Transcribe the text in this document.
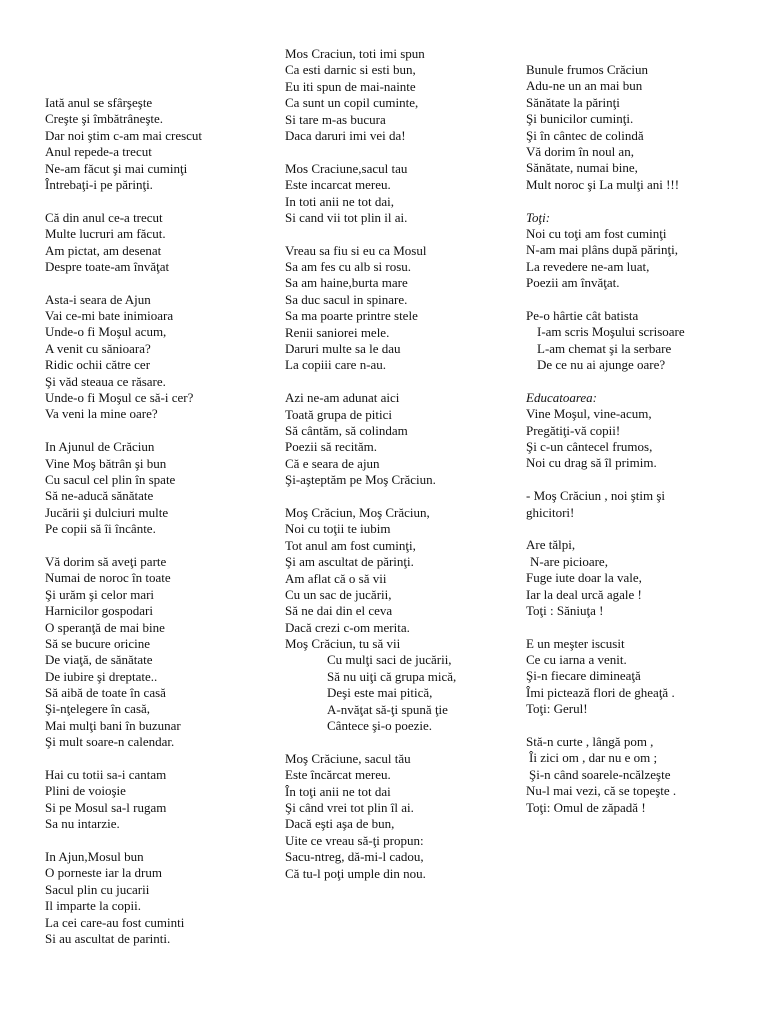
Iată anul se sfârşeşte
Creşte şi îmbătrâneşte.
Dar noi ştim c-am mai crescut
Anul repede-a trecut
Ne-am făcut şi mai cuminţi
Întrebaţi-i pe părinţi.
Că din anul ce-a trecut
Multe lucruri am făcut.
Am pictat, am desenat
Despre toate-am învăţat
Asta-i seara de Ajun
Vai ce-mi bate inimioara
Unde-o fi Moşul acum,
A venit cu sănioara?
Ridic ochii către cer
Şi văd steaua ce răsare.
Unde-o fi Moşul ce să-i cer?
Va veni la mine oare?
In Ajunul de Crăciun
Vine Moş bătrân şi bun
Cu sacul cel plin în spate
Să ne-aducă sănătate
Jucării şi dulciuri multe
Pe copii să îi încânte.
Vă dorim să aveţi parte
Numai de noroc în toate
Şi urăm şi celor mari
Harnicilor gospodari
O speranţă de mai bine
Să se bucure oricine
De viaţă, de sănătate
De iubire şi dreptate..
Să aibă de toate în casă
Şi-nţelegere în casă,
Mai mulţi bani în buzunar
Şi mult soare-n calendar.
Hai cu totii sa-i cantam
Plini de voioşie
Si pe Mosul sa-l rugam
Sa nu intarzie.
In Ajun,Mosul bun
O porneste iar la drum
Sacul plin cu jucarii
Il imparte la copii.
La cei care-au fost cuminti
Si au ascultat de parinti.
Mos Craciun, toti imi spun
Ca esti darnic si esti bun,
Eu iti spun de mai-nainte
Ca sunt un copil cuminte,
Si tare m-as bucura
Daca daruri imi vei da!
Mos Craciune,sacul tau
Este incarcat mereu.
In toti anii ne tot dai,
Si cand vii tot plin il ai.
Vreau sa fiu si eu ca Mosul
Sa am fes cu alb si rosu.
Sa am haine,burta mare
Sa duc sacul in spinare.
Sa ma poarte printre stele
Renii saniorei mele.
Daruri multe sa le dau
La copiii care n-au.
Azi ne-am adunat aici
Toată grupa de pitici
Să cântăm, să colindam
Poezii să recităm.
Că e seara de ajun
Şi-aşteptăm pe Moş Crăciun.
Moş Crăciun, Moş Crăciun,
Noi cu toţii te iubim
Tot anul am fost cuminţi,
Şi am ascultat de părinţi.
Am aflat că o să vii
Cu un sac de jucării,
Să ne dai din el ceva
Dacă crezi c-om merita.
Moş Crăciun, tu să vii
Cu mulţi saci de jucării,
Să nu uiţi că grupa mică,
Deşi este mai pitică,
A-nvăţat să-ţi spună ţie
Cântece şi-o poezie.
Moş Crăciune, sacul tău
Este încărcat mereu.
În toţi anii ne tot dai
Şi când vrei tot plin îl ai.
Dacă eşti aşa de bun,
Uite ce vreau să-ţi propun:
Sacu-ntreg, dă-mi-l cadou,
Că tu-l poţi umple din nou.
Bunule frumos Crăciun
Adu-ne un an mai bun
Sănătate la părinţi
Şi bunicilor cuminţi.
Şi în cântec de colindă
Vă dorim în noul an,
Sănătate, numai bine,
Mult noroc şi La mulţi ani !!!
Toţi:
Noi cu toţi am fost cuminţi
N-am mai plâns după părinţi,
La revedere ne-am luat,
Poezii am învăţat.
Pe-o hârtie cât batista
I-am scris Moşului scrisoare
L-am chemat şi la serbare
De ce nu ai ajunge oare?
Educatoarea:
Vine Moşul, vine-acum,
Pregătiţi-vă copii!
Şi c-un cântecel frumos,
Noi cu drag să îl primim.
- Moş Crăciun , noi ştim şi
ghicitori!
Are tălpi,
N-are picioare,
Fuge iute doar la vale,
Iar la deal urcă agale !
Toţi : Săniuţa !
E un meşter iscusit
Ce cu iarna a venit.
Şi-n fiecare dimineaţă
Îmi pictează flori de gheaţă .
Toţi: Gerul!
Stă-n curte , lângă pom ,
Îi zici om , dar nu e om ;
Şi-n când soarele-ncălzeşte
Nu-l mai vezi, că se topeşte .
Toţi: Omul de zăpadă !
